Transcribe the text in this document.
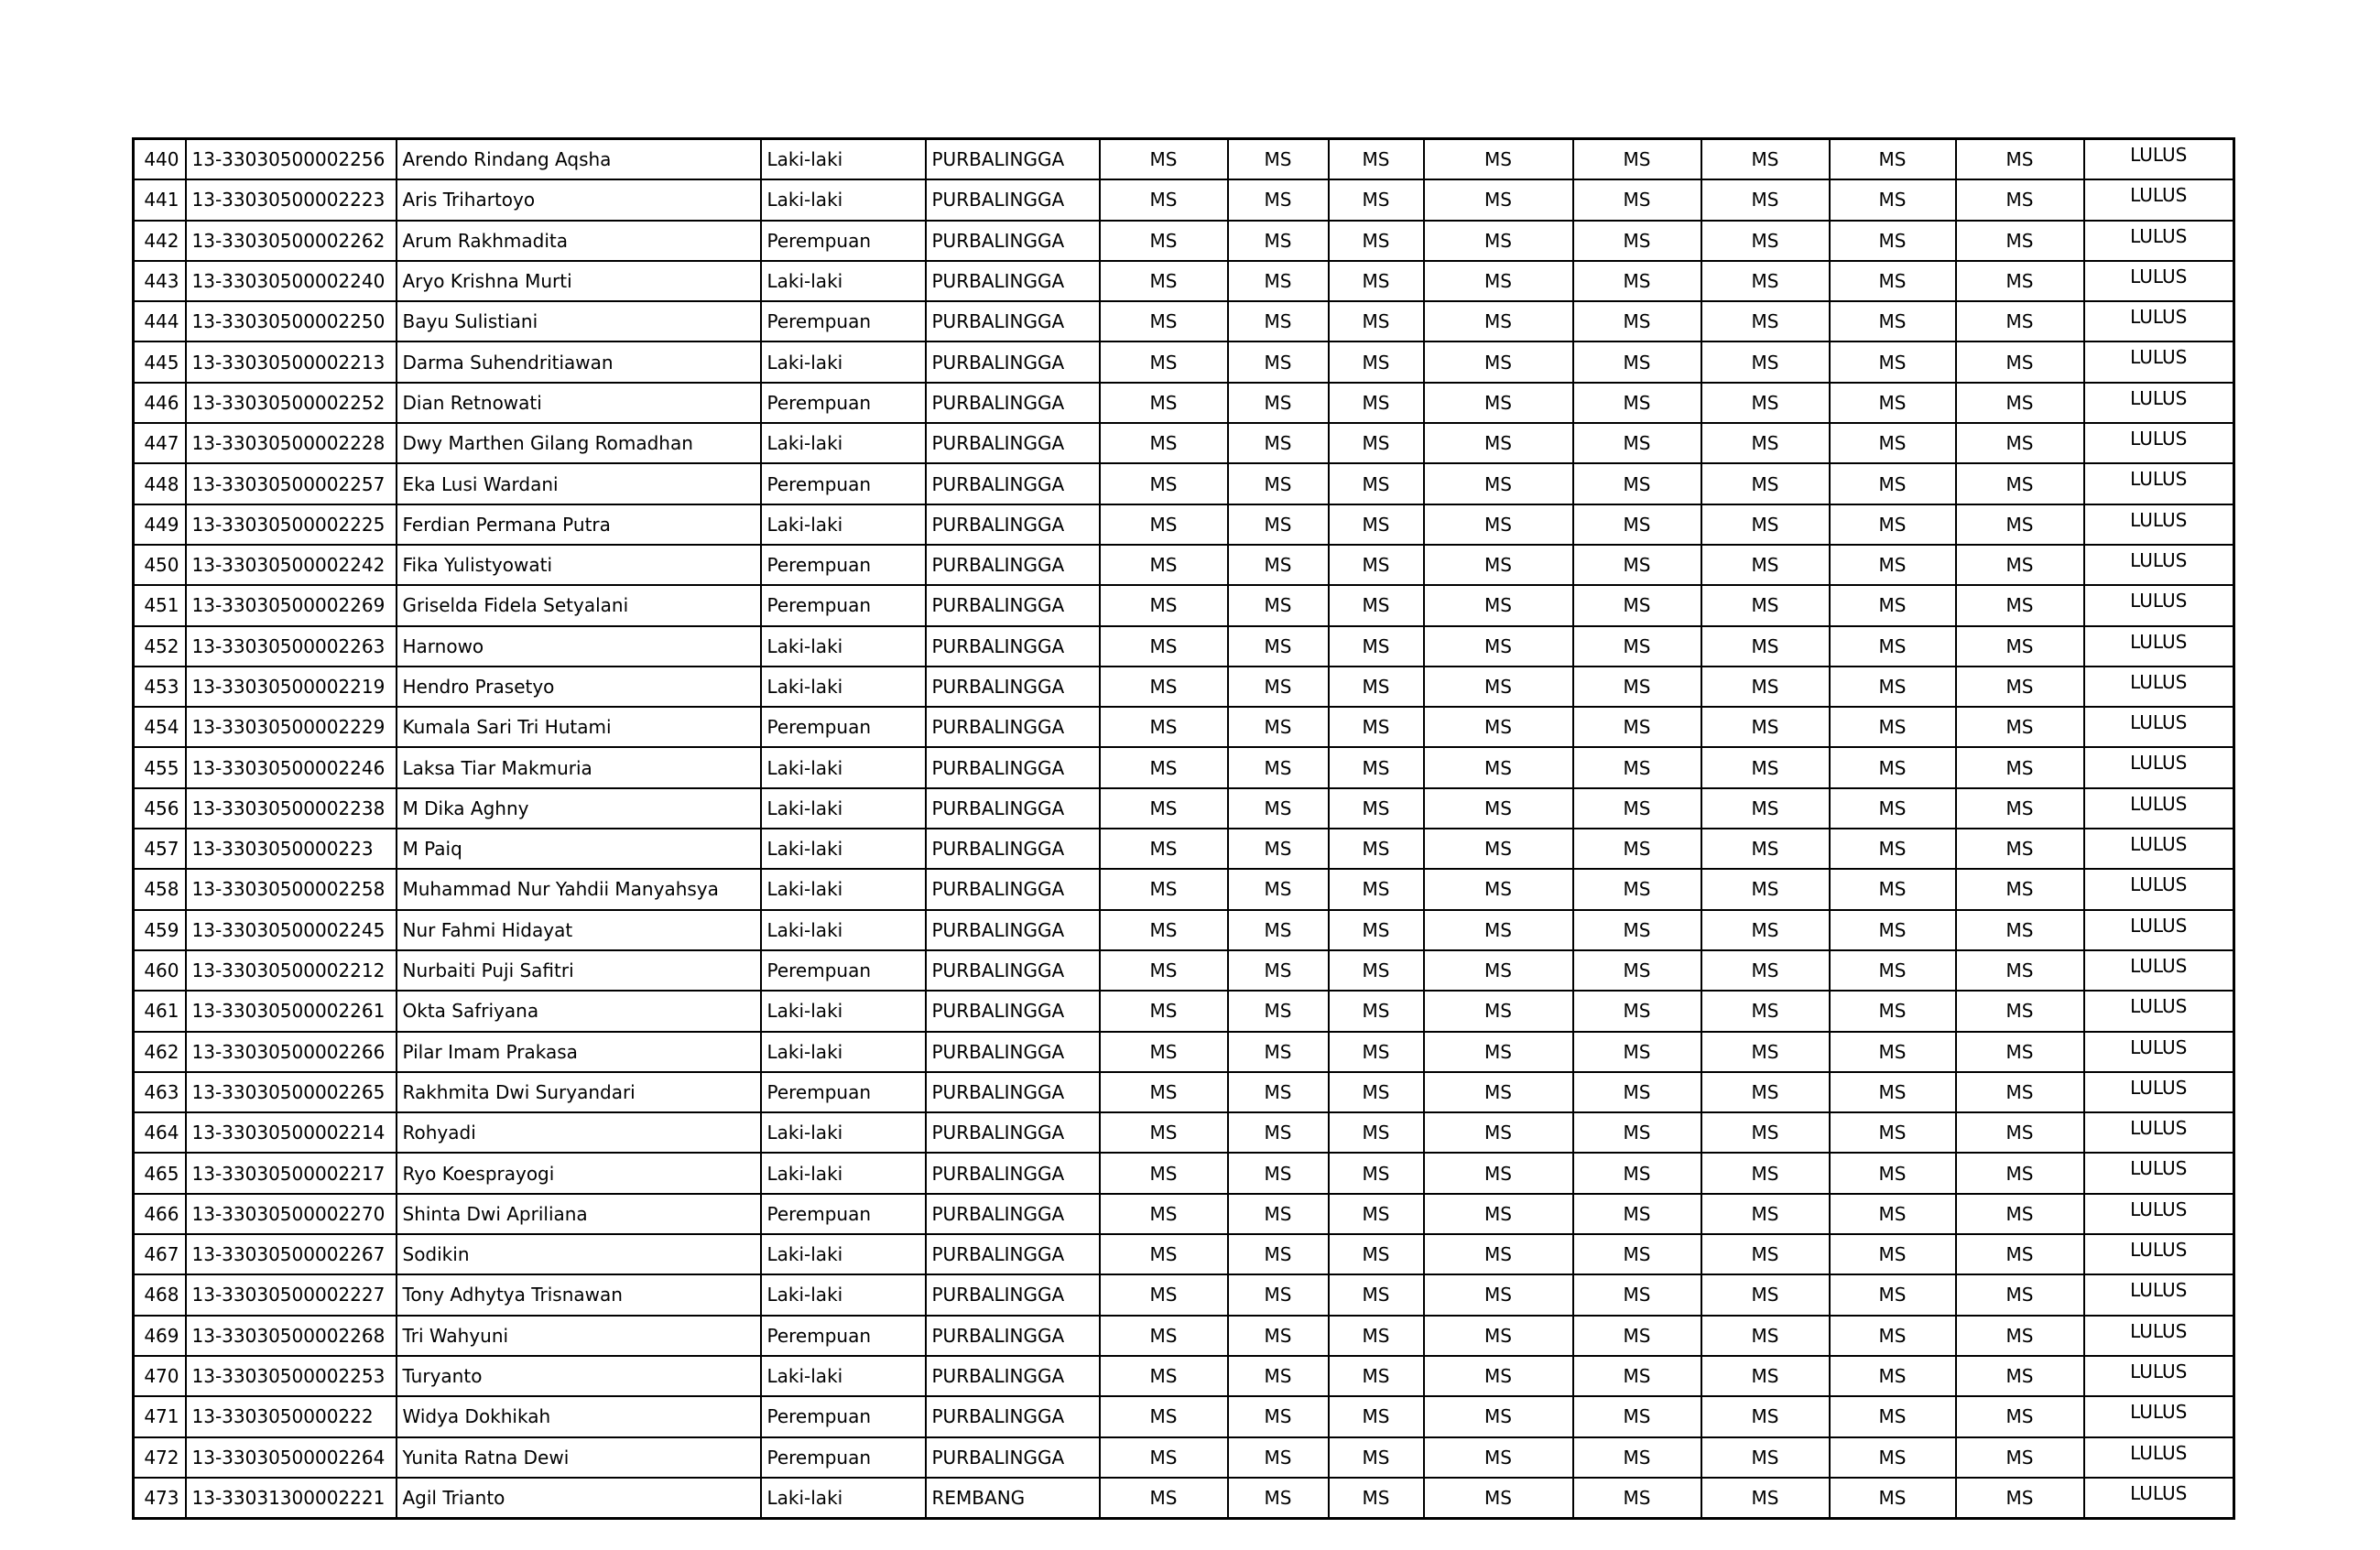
440	13-33030500002256	Arendo Rindang Aqsha	Laki-laki	PURBALINGGA	MS	MS	MS	MS	MS	MS	MS	MS	LULUS
441	13-33030500002223	Aris Trihartoyo	Laki-laki	PURBALINGGA	MS	MS	MS	MS	MS	MS	MS	MS	LULUS
442	13-33030500002262	Arum Rakhmadita	Perempuan	PURBALINGGA	MS	MS	MS	MS	MS	MS	MS	MS	LULUS
443	13-33030500002240	Aryo Krishna Murti	Laki-laki	PURBALINGGA	MS	MS	MS	MS	MS	MS	MS	MS	LULUS
444	13-33030500002250	Bayu Sulistiani	Perempuan	PURBALINGGA	MS	MS	MS	MS	MS	MS	MS	MS	LULUS
445	13-33030500002213	Darma Suhendritiawan	Laki-laki	PURBALINGGA	MS	MS	MS	MS	MS	MS	MS	MS	LULUS
446	13-33030500002252	Dian Retnowati	Perempuan	PURBALINGGA	MS	MS	MS	MS	MS	MS	MS	MS	LULUS
447	13-33030500002228	Dwy Marthen Gilang Romadhan	Laki-laki	PURBALINGGA	MS	MS	MS	MS	MS	MS	MS	MS	LULUS
448	13-33030500002257	Eka Lusi Wardani	Perempuan	PURBALINGGA	MS	MS	MS	MS	MS	MS	MS	MS	LULUS
449	13-33030500002225	Ferdian Permana Putra	Laki-laki	PURBALINGGA	MS	MS	MS	MS	MS	MS	MS	MS	LULUS
450	13-33030500002242	Fika Yulistyowati	Perempuan	PURBALINGGA	MS	MS	MS	MS	MS	MS	MS	MS	LULUS
451	13-33030500002269	Griselda Fidela Setyalani	Perempuan	PURBALINGGA	MS	MS	MS	MS	MS	MS	MS	MS	LULUS
452	13-33030500002263	Harnowo	Laki-laki	PURBALINGGA	MS	MS	MS	MS	MS	MS	MS	MS	LULUS
453	13-33030500002219	Hendro Prasetyo	Laki-laki	PURBALINGGA	MS	MS	MS	MS	MS	MS	MS	MS	LULUS
454	13-33030500002229	Kumala Sari Tri Hutami	Perempuan	PURBALINGGA	MS	MS	MS	MS	MS	MS	MS	MS	LULUS
455	13-33030500002246	Laksa Tiar Makmuria	Laki-laki	PURBALINGGA	MS	MS	MS	MS	MS	MS	MS	MS	LULUS
456	13-33030500002238	M Dika Aghny	Laki-laki	PURBALINGGA	MS	MS	MS	MS	MS	MS	MS	MS	LULUS
457	13-3303050000223	M Paiq	Laki-laki	PURBALINGGA	MS	MS	MS	MS	MS	MS	MS	MS	LULUS
458	13-33030500002258	Muhammad Nur Yahdii Manyahsya	Laki-laki	PURBALINGGA	MS	MS	MS	MS	MS	MS	MS	MS	LULUS
459	13-33030500002245	Nur Fahmi Hidayat	Laki-laki	PURBALINGGA	MS	MS	MS	MS	MS	MS	MS	MS	LULUS
460	13-33030500002212	Nurbaiti Puji Safitri	Perempuan	PURBALINGGA	MS	MS	MS	MS	MS	MS	MS	MS	LULUS
461	13-33030500002261	Okta Safriyana	Laki-laki	PURBALINGGA	MS	MS	MS	MS	MS	MS	MS	MS	LULUS
462	13-33030500002266	Pilar Imam Prakasa	Laki-laki	PURBALINGGA	MS	MS	MS	MS	MS	MS	MS	MS	LULUS
463	13-33030500002265	Rakhmita Dwi Suryandari	Perempuan	PURBALINGGA	MS	MS	MS	MS	MS	MS	MS	MS	LULUS
464	13-33030500002214	Rohyadi	Laki-laki	PURBALINGGA	MS	MS	MS	MS	MS	MS	MS	MS	LULUS
465	13-33030500002217	Ryo Koesprayogi	Laki-laki	PURBALINGGA	MS	MS	MS	MS	MS	MS	MS	MS	LULUS
466	13-33030500002270	Shinta Dwi Apriliana	Perempuan	PURBALINGGA	MS	MS	MS	MS	MS	MS	MS	MS	LULUS
467	13-33030500002267	Sodikin	Laki-laki	PURBALINGGA	MS	MS	MS	MS	MS	MS	MS	MS	LULUS
468	13-33030500002227	Tony Adhytya Trisnawan	Laki-laki	PURBALINGGA	MS	MS	MS	MS	MS	MS	MS	MS	LULUS
469	13-33030500002268	Tri Wahyuni	Perempuan	PURBALINGGA	MS	MS	MS	MS	MS	MS	MS	MS	LULUS
470	13-33030500002253	Turyanto	Laki-laki	PURBALINGGA	MS	MS	MS	MS	MS	MS	MS	MS	LULUS
471	13-3303050000222	Widya Dokhikah	Perempuan	PURBALINGGA	MS	MS	MS	MS	MS	MS	MS	MS	LULUS
472	13-33030500002264	Yunita Ratna Dewi	Perempuan	PURBALINGGA	MS	MS	MS	MS	MS	MS	MS	MS	LULUS
473	13-33031300002221	Agil Trianto	Laki-laki	REMBANG	MS	MS	MS	MS	MS	MS	MS	MS	LULUS
